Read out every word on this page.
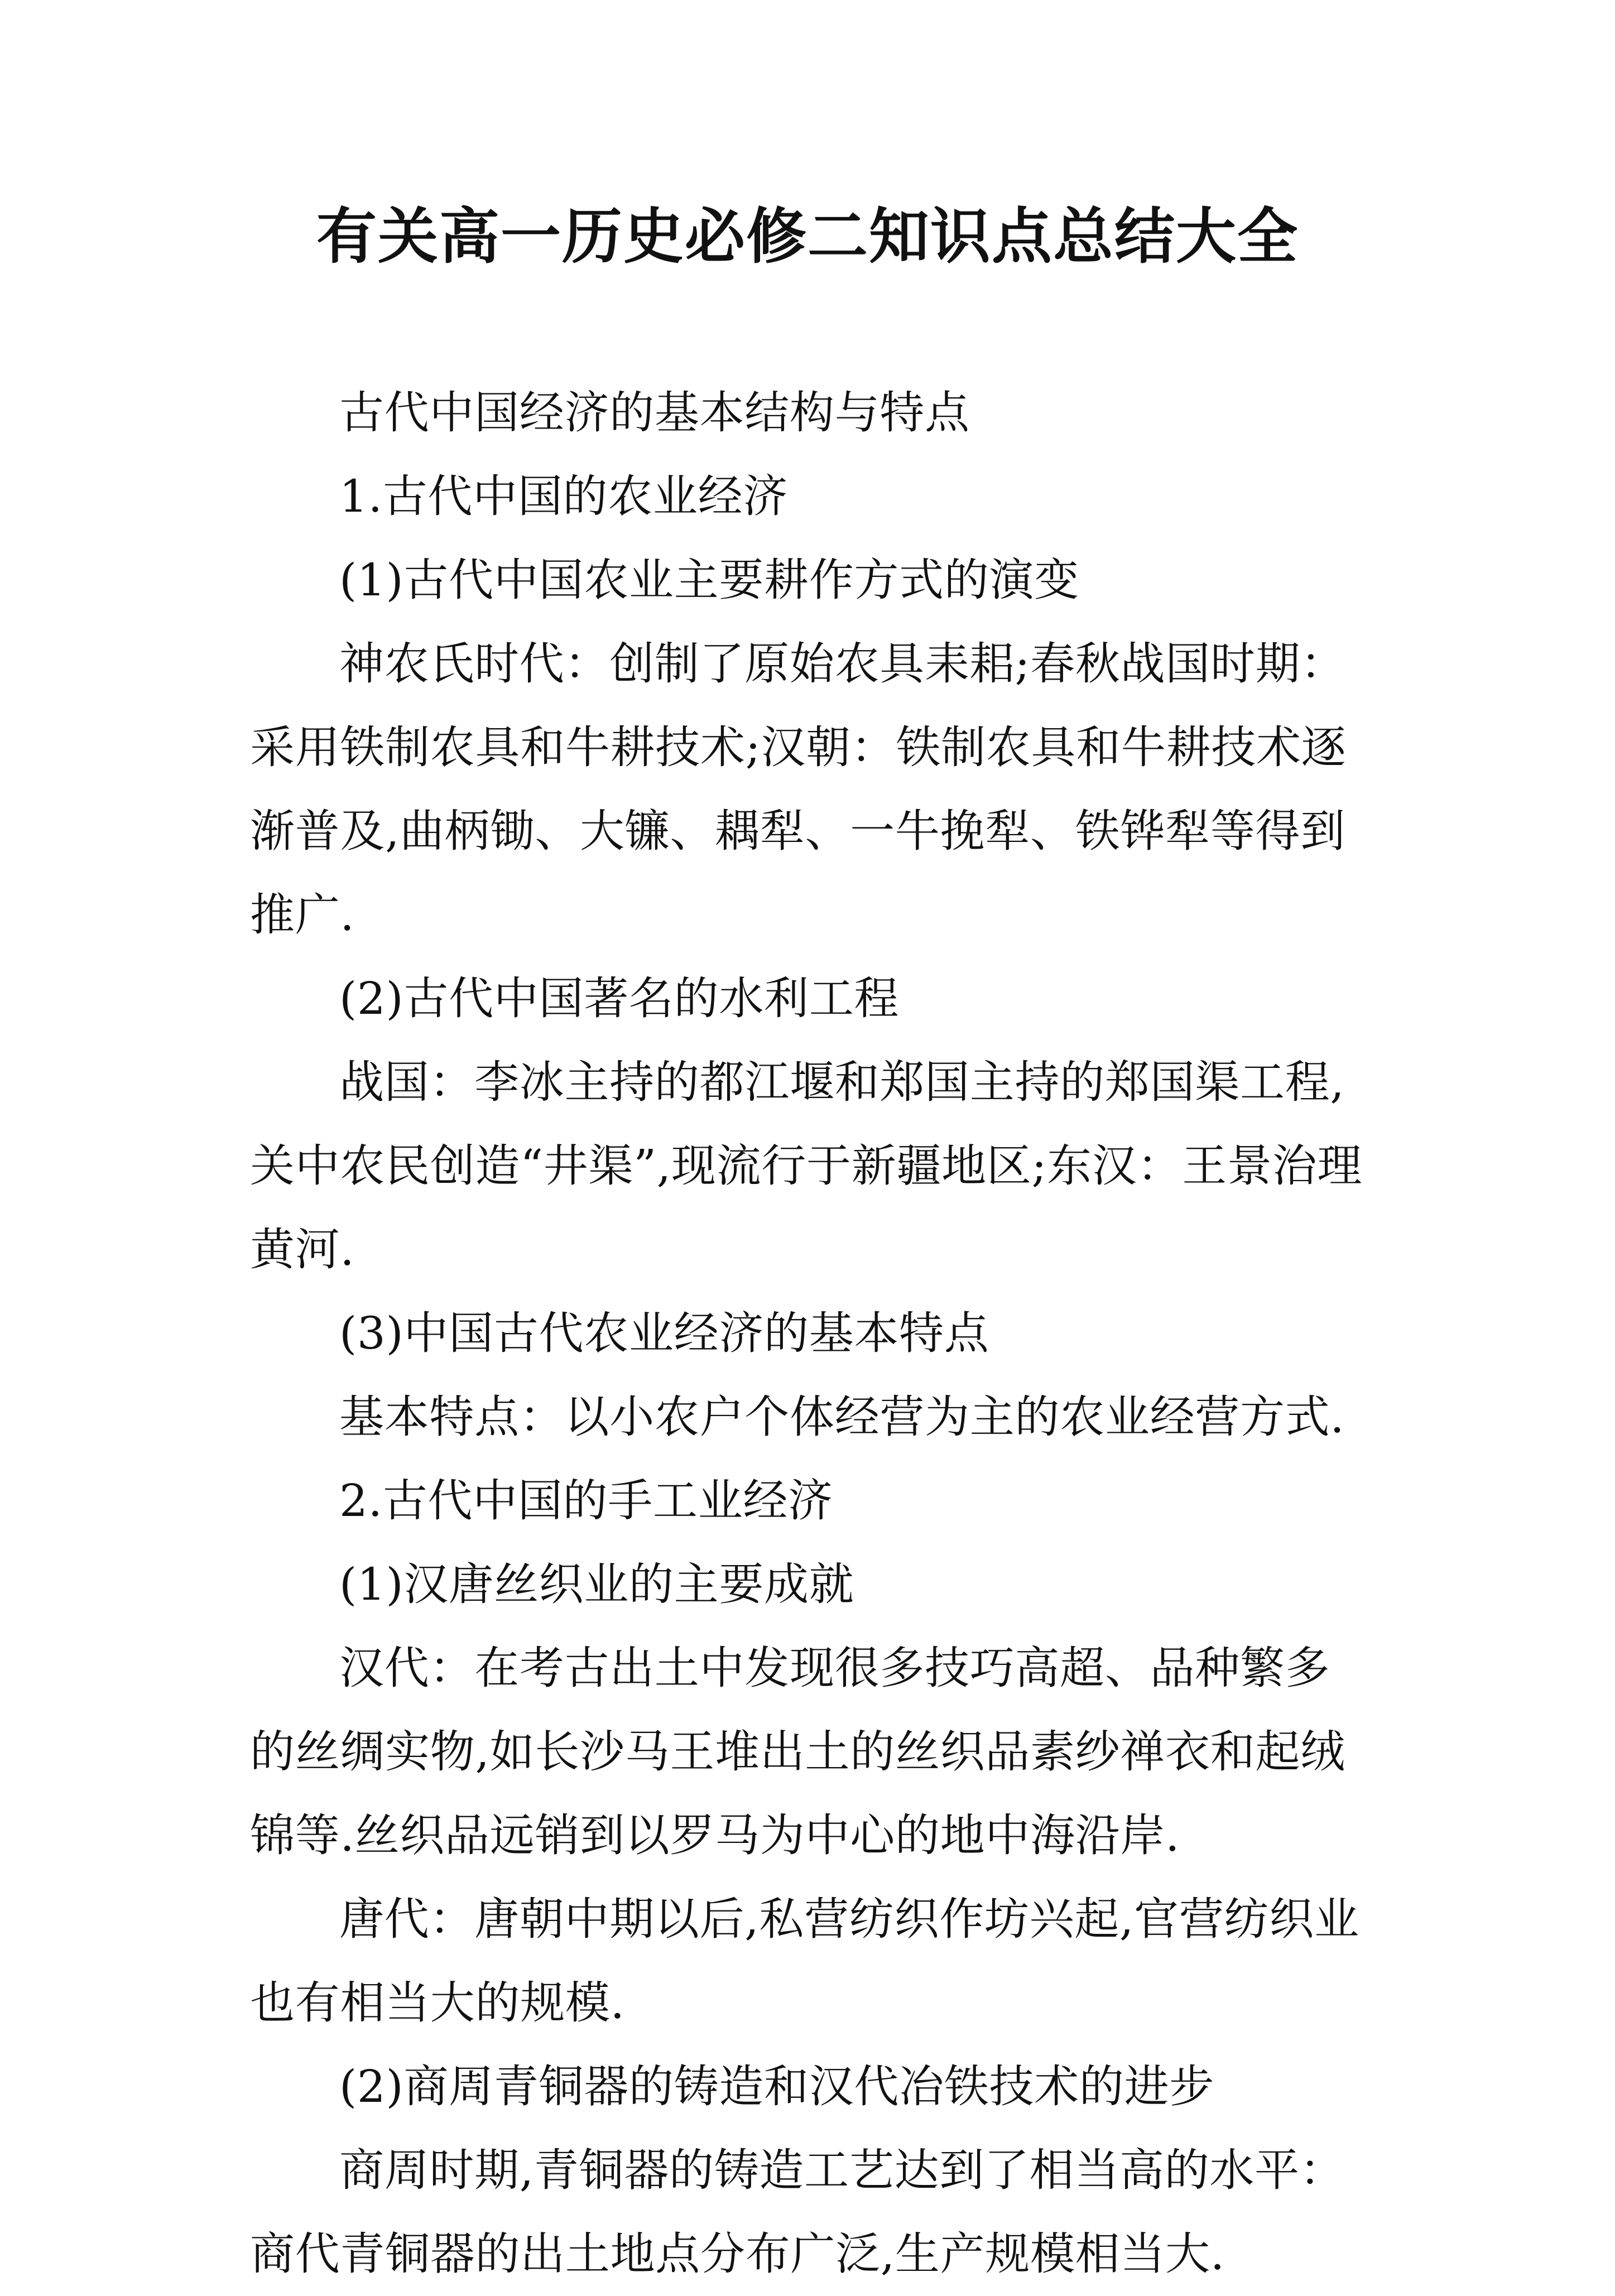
有关高一历史必修二知识点总结大全

古代中国经济的基本结构与特点

1.古代中国的农业经济

(1)古代中国农业主要耕作方式的演变

神农氏时代：创制了原始农具耒耜;春秋战国时期：采用铁制农具和牛耕技术;汉朝：铁制农具和牛耕技术逐渐普及,曲柄锄、大镰、耦犁、一牛挽犁、铁铧犁等得到推广.

(2)古代中国著名的水利工程

战国：李冰主持的都江堰和郑国主持的郑国渠工程,关中农民创造“井渠”,现流行于新疆地区;东汉：王景治理黄河.

(3)中国古代农业经济的基本特点

基本特点：以小农户个体经营为主的农业经营方式.

2.古代中国的手工业经济

(1)汉唐丝织业的主要成就

汉代：在考古出土中发现很多技巧高超、品种繁多的丝绸实物,如长沙马王堆出土的丝织品素纱禅衣和起绒锦等.丝织品远销到以罗马为中心的地中海沿岸.

唐代：唐朝中期以后,私营纺织作坊兴起,官营纺织业也有相当大的规模.

(2)商周青铜器的铸造和汉代冶铁技术的进步

商周时期,青铜器的铸造工艺达到了相当高的水平：商代青铜器的出土地点分布广泛,生产规模相当大.
